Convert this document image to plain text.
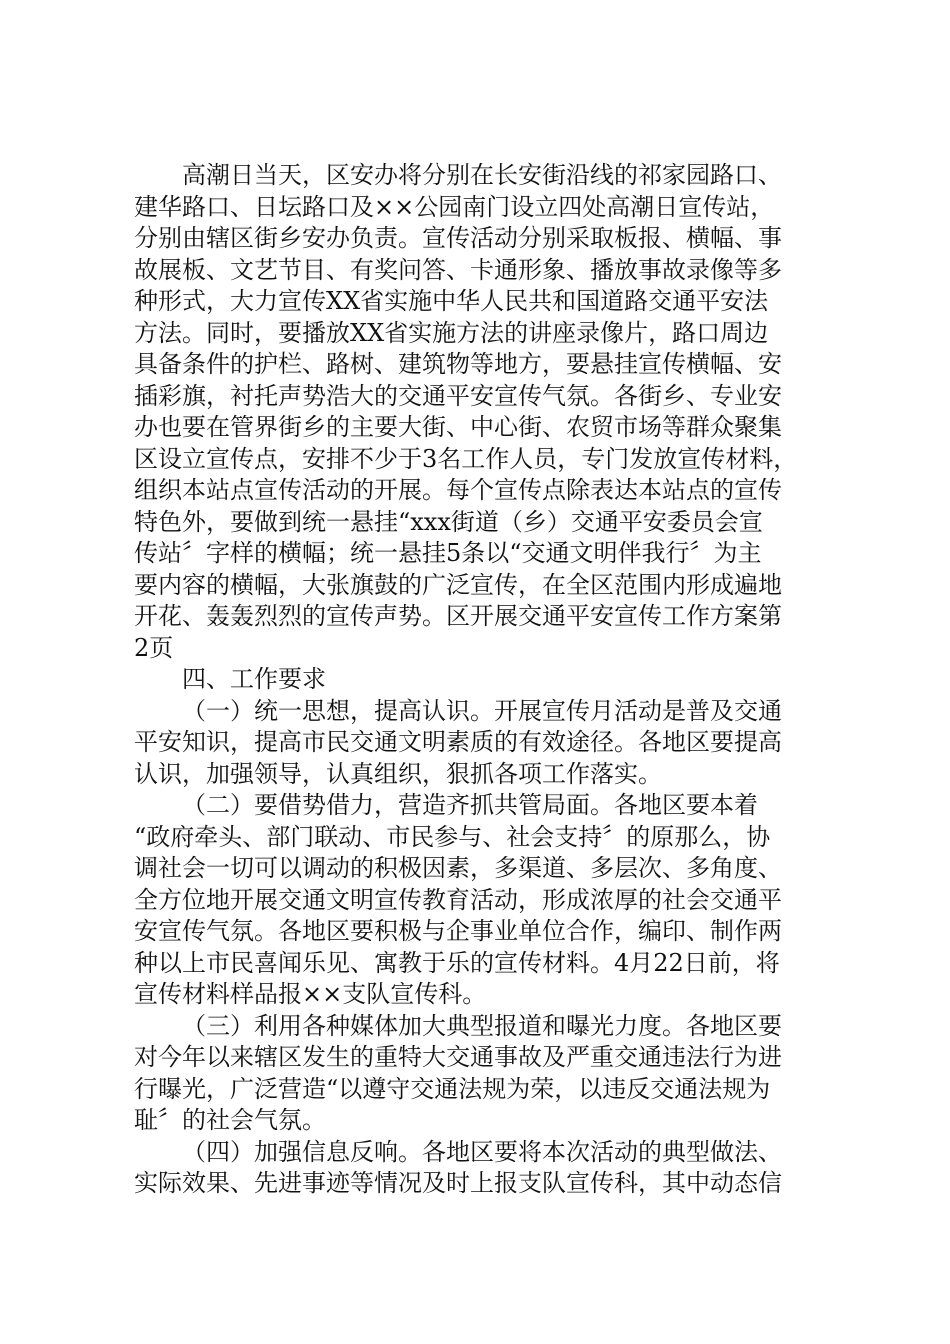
高潮日当天，区安办将分别在长安街沿线的祁家园路口、
建华路口、日坛路口及××公园南门设立四处高潮日宣传站，
分别由辖区街乡安办负责。宣传活动分别采取板报、横幅、事
故展板、文艺节目、有奖问答、卡通形象、播放事故录像等多
种形式，大力宣传XX省实施中华人民共和国道路交通平安法
方法。同时，要播放XX省实施方法的讲座录像片，路口周边
具备条件的护栏、路树、建筑物等地方，要悬挂宣传横幅、安
插彩旗，衬托声势浩大的交通平安宣传气氛。各街乡、专业安
办也要在管界街乡的主要大街、中心街、农贸市场等群众聚集
区设立宣传点，安排不少于3名工作人员，专门发放宣传材料，
组织本站点宣传活动的开展。每个宣传点除表达本站点的宣传
特色外，要做到统一悬挂“xxx街道（乡）交通平安委员会宣
传站〞字样的横幅；统一悬挂5条以“交通文明伴我行〞为主
要内容的横幅，大张旗鼓的广泛宣传，在全区范围内形成遍地
开花、轰轰烈烈的宣传声势。区开展交通平安宣传工作方案第
2页
四、工作要求
（一）统一思想，提高认识。开展宣传月活动是普及交通
平安知识，提高市民交通文明素质的有效途径。各地区要提高
认识，加强领导，认真组织，狠抓各项工作落实。
（二）要借势借力，营造齐抓共管局面。各地区要本着
“政府牵头、部门联动、市民参与、社会支持〞的原那么，协
调社会一切可以调动的积极因素，多渠道、多层次、多角度、
全方位地开展交通文明宣传教育活动，形成浓厚的社会交通平
安宣传气氛。各地区要积极与企事业单位合作，编印、制作两
种以上市民喜闻乐见、寓教于乐的宣传材料。4月22日前，将
宣传材料样品报××支队宣传科。
（三）利用各种媒体加大典型报道和曝光力度。各地区要
对今年以来辖区发生的重特大交通事故及严重交通违法行为进
行曝光，广泛营造“以遵守交通法规为荣，以违反交通法规为
耻〞的社会气氛。
（四）加强信息反响。各地区要将本次活动的典型做法、
实际效果、先进事迹等情况及时上报支队宣传科，其中动态信
